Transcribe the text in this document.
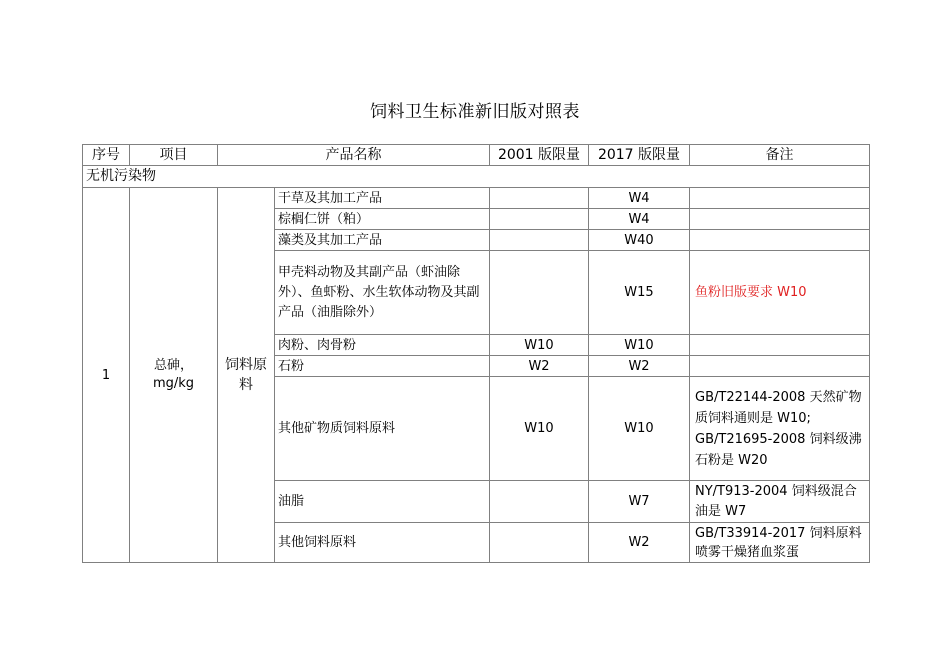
饲料卫生标准新旧版对照表
序号	项目	产品名称		2001 版限量	2017 版限量	备注
无机污染物						
1	总砷，mg/kg	饲料原料	干草及其加工产品		W4	
			棕榈仁饼（粕）		W4	
			藻类及其加工产品		W40	
			甲壳料动物及其副产品（虾油除外）、鱼虾粉、水生软体动物及其副产品（油脂除外）		W15	鱼粉旧版要求 W10
			肉粉、肉骨粉	W10	W10	
			石粉	W2	W2	
			其他矿物质饲料原料	W10	W10	GB/T22144-2008 天然矿物质饲料通则是 W10;
GB/T21695-2008 饲料级沸石粉是 W20
			油脂		W7	NY/T913-2004 饲料级混合油是 W7
			其他饲料原料		W2	GB/T33914-2017 饲料原料喷雾干燥猪血浆蛋
